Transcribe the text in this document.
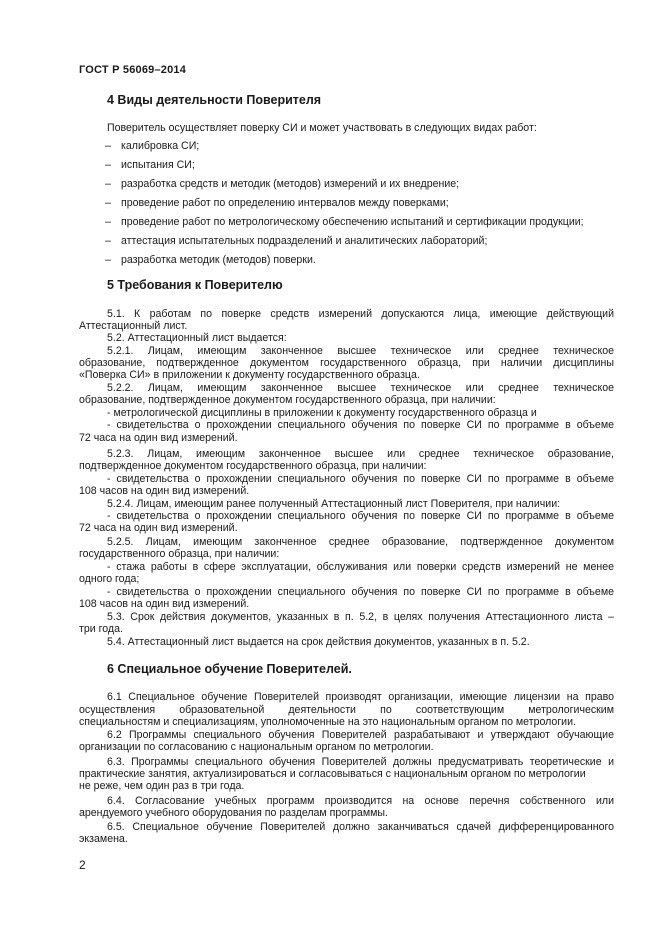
ГОСТ Р 56069–2014
4 Виды деятельности Поверителя
Поверитель осуществляет поверку СИ и может участвовать в следующих видах работ:
– калибровка СИ;
– испытания СИ;
– разработка средств и методик (методов) измерений и их внедрение;
– проведение работ по определению интервалов между поверками;
– проведение работ по метрологическому обеспечению испытаний и сертификации продукции;
– аттестация испытательных подразделений и аналитических лабораторий;
– разработка методик (методов) поверки.
5 Требования к Поверителю
5.1. К работам по поверке средств измерений допускаются лица, имеющие действующий
Аттестационный лист.
5.2. Аттестационный лист выдается:
5.2.1. Лицам, имеющим законченное высшее техническое или среднее техническое
образование, подтвержденное документом государственного образца, при наличии дисциплины
«Поверка СИ» в приложении к документу государственного образца.
5.2.2. Лицам, имеющим законченное высшее техническое или среднее техническое
образование, подтвержденное документом государственного образца, при наличии:
- метрологической дисциплины в приложении к документу государственного образца и
- свидетельства о прохождении специального обучения по поверке СИ по программе в объеме
72 часа на один вид измерений.
5.2.3. Лицам, имеющим законченное высшее или среднее техническое образование,
подтвержденное документом государственного образца, при наличии:
- свидетельства о прохождении специального обучения по поверке СИ по программе в объеме
108 часов на один вид измерений.
5.2.4. Лицам, имеющим ранее полученный Аттестационный лист Поверителя, при наличии:
- свидетельства о прохождении специального обучения по поверке СИ по программе в объеме
72 часа на один вид измерений.
5.2.5. Лицам, имеющим законченное среднее образование, подтвержденное документом
государственного образца, при наличии:
- стажа работы в сфере эксплуатации, обслуживания или поверки средств измерений не менее
одного года;
- свидетельства о прохождении специального обучения по поверке СИ по программе в объеме
108 часов на один вид измерений.
5.3. Срок действия документов, указанных в п. 5.2, в целях получения Аттестационного листа –
три года.
5.4. Аттестационный лист выдается на срок действия документов, указанных в п. 5.2.
6 Специальное обучение Поверителей.
6.1 Специальное обучение Поверителей производят организации, имеющие лицензии на право
осуществления образовательной деятельности по соответствующим метрологическим
специальностям и специализациям, уполномоченные на это национальным органом по метрологии.
6.2 Программы специального обучения Поверителей разрабатывают и утверждают обучающие
организации по согласованию с национальным органом по метрологии.
6.3. Программы специального обучения Поверителей должны предусматривать теоретические и
практические занятия, актуализироваться и согласовываться с национальным органом по метрологии
не реже, чем один раз в три года.
6.4. Согласование учебных программ производится на основе перечня собственного или
арендуемого учебного оборудования по разделам программы.
6.5. Специальное обучение Поверителей должно заканчиваться сдачей дифференцированного
экзамена.
2
